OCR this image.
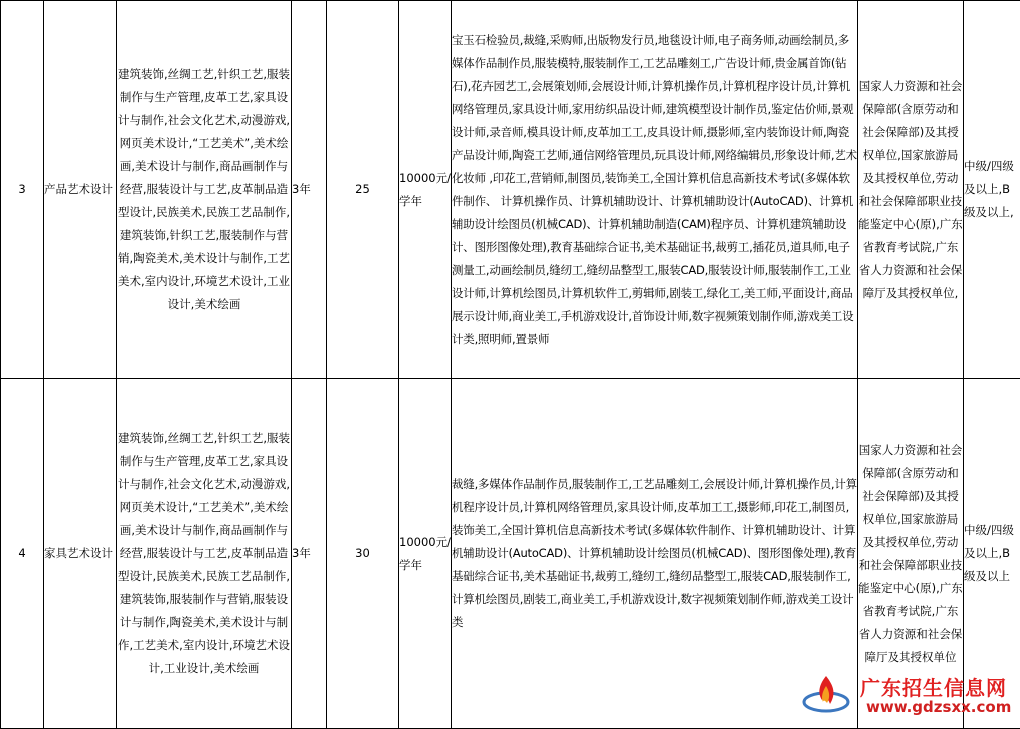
3	产品艺术设计	建筑装饰,丝绸工艺,针织工艺,服装制作与生产管理,皮革工艺,家具设计与制作,社会文化艺术,动漫游戏,网页美术设计,“工艺美术”,美术绘画,美术设计与制作,商品画制作与经营,服装设计与工艺,皮革制品造型设计,民族美术,民族工艺品制作,建筑装饰,针织工艺,服装制作与营销,陶瓷美术,美术设计与制作,工艺美术,室内设计,环境艺术设计,工业设计,美术绘画	3年	25	10000元/学年	宝玉石检验员,裁缝,采购师,出版物发行员,地毯设计师,电子商务师,动画绘制员,多媒体作品制作员,服装模特,服装制作工,工艺品雕刻工,广告设计师,贵金属首饰(钻石),花卉园艺工,会展策划师,会展设计师,计算机操作员,计算机程序设计员,计算机网络管理员,家具设计师,家用纺织品设计师,建筑模型设计制作员,鉴定估价师,景观设计师,录音师,模具设计师,皮革加工工,皮具设计师,摄影师,室内装饰设计师,陶瓷产品设计师,陶瓷工艺师,通信网络管理员,玩具设计师,网络编辑员,形象设计师,艺术化妆师 ,印花工,营销师,制图员,装饰美工,全国计算机信息高新技术考试(多媒体软件制作、 计算机操作员、计算机辅助设计、计算机辅助设计(AutoCAD)、计算机辅助设计绘图员(机械CAD)、计算机辅助制造(CAM)程序员、计算机建筑辅助设计、图形图像处理),教育基础综合证书,美术基础证书,裁剪工,插花员,道具师,电子测量工,动画绘制员,缝纫工,缝纫品整型工,服装CAD,服装设计师,服装制作工,工业设计师,计算机绘图员,计算机软件工,剪辑师,剧装工,绿化工,美工师,平面设计,商品展示设计师,商业美工,手机游戏设计,首饰设计师,数字视频策划制作师,游戏美工设计类,照明师,置景师	国家人力资源和社会保障部(含原劳动和社会保障部)及其授权单位,国家旅游局及其授权单位,劳动和社会保障部职业技能鉴定中心(原),广东省教育考试院,广东省人力资源和社会保障厅及其授权单位,	中级/四级及以上,B级及以上,
4	家具艺术设计	建筑装饰,丝绸工艺,针织工艺,服装制作与生产管理,皮革工艺,家具设计与制作,社会文化艺术,动漫游戏,网页美术设计,“工艺美术”,美术绘画,美术设计与制作,商品画制作与经营,服装设计与工艺,皮革制品造型设计,民族美术,民族工艺品制作,建筑装饰,服装制作与营销,服装设计与制作,陶瓷美术,美术设计与制作,工艺美术,室内设计,环境艺术设计,工业设计,美术绘画	3年	30	10000元/学年	裁缝,多媒体作品制作员,服装制作工,工艺品雕刻工,会展设计师,计算机操作员,计算机程序设计员,计算机网络管理员,家具设计师,皮革加工工,摄影师,印花工,制图员,装饰美工,全国计算机信息高新技术考试(多媒体软件制作、计算机辅助设计、计算机辅助设计(AutoCAD)、计算机辅助设计绘图员(机械CAD)、图形图像处理),教育基础综合证书,美术基础证书,裁剪工,缝纫工,缝纫品整型工,服装CAD,服装制作工,计算机绘图员,剧装工,商业美工,手机游戏设计,数字视频策划制作师,游戏美工设计类	国家人力资源和社会保障部(含原劳动和社会保障部)及其授权单位,国家旅游局及其授权单位,劳动和社会保障部职业技能鉴定中心(原),广东省教育考试院,广东省人力资源和社会保障厅及其授权单位	中级/四级及以上,B级及以上
广东招生信息网
www.gdzsxx.com
